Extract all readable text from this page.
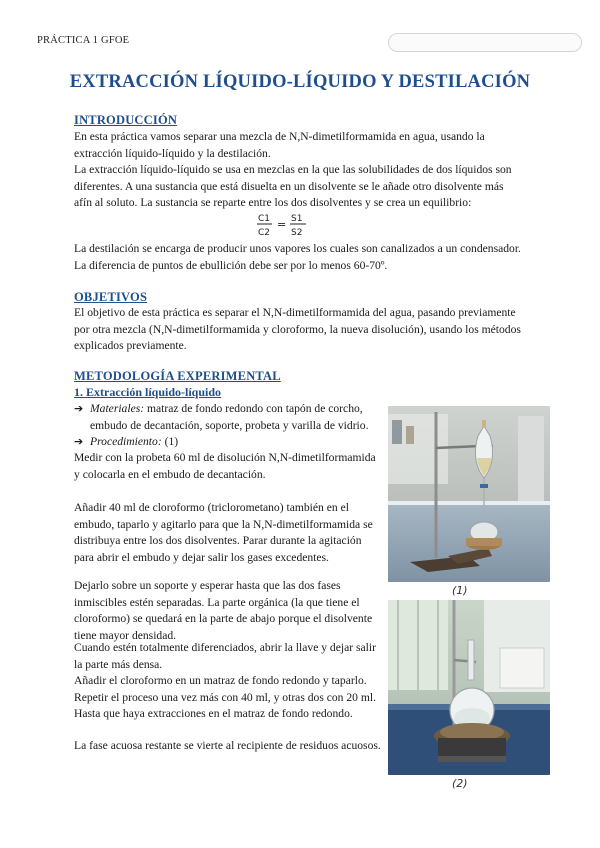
PRÁCTICA 1 GFOE
EXTRACCIÓN LÍQUIDO-LÍQUIDO Y DESTILACIÓN
INTRODUCCIÓN

En esta práctica vamos separar una mezcla de N,N-dimetilformamida en agua, usando la extracción líquido-líquido y la destilación.

La extracción líquido-líquido se usa en mezclas en la que las solubilidades de dos líquidos son diferentes. A una sustancia que está disuelta en un disolvente se le añade otro disolvente más afín al soluto. La sustancia se reparte entre los dos disolventes y se crea un equilibrio:

C1
C2
= S1
S2

La destilación se encarga de producir unos vapores los cuales son canalizados a un condensador. La diferencia de puntos de ebullición debe ser por lo menos 60-70º.

OBJETIVOS

El objetivo de esta práctica es separar el N,N-dimetilformamida del agua, pasando previamente por otra mezcla (N,N-dimetilformamida y cloroformo, la nueva disolución), usando los métodos explicados previamente.

METODOLOGÍA EXPERIMENTAL
1. Extracción líquido-líquido
➔ Materiales: matraz de fondo redondo con tapón de corcho,
embudo de decantación, soporte, probeta y varilla de vidrio.
➔ Procedimiento: (1)

Medir con la probeta 60 ml de disolución N,N-dimetilformamida y colocarla en el embudo de decantación.

Añadir 40 ml de cloroformo (triclorometano) también en el embudo, taparlo y agitarlo para que la N,N-dimetilformamida se distribuya entre los dos disolventes. Parar durante la agitación para abrir el embudo y dejar salir los gases excedentes.

Dejarlo sobre un soporte y esperar hasta que las dos fases inmiscibles estén separadas. La parte orgánica (la que tiene el cloroformo) se quedará en la parte de abajo porque el disolvente tiene mayor densidad.

Cuando estén totalmente diferenciados, abrir la llave y dejar salir la parte más densa.

Añadir el cloroformo en un matraz de fondo redondo y taparlo. Repetir el proceso una vez más con 40 ml, y otras dos con 20 ml. Hasta que haya extracciones en el matraz de fondo redondo.

La fase acuosa restante se vierte al recipiente de residuos acuosos.

(1)
(2)
